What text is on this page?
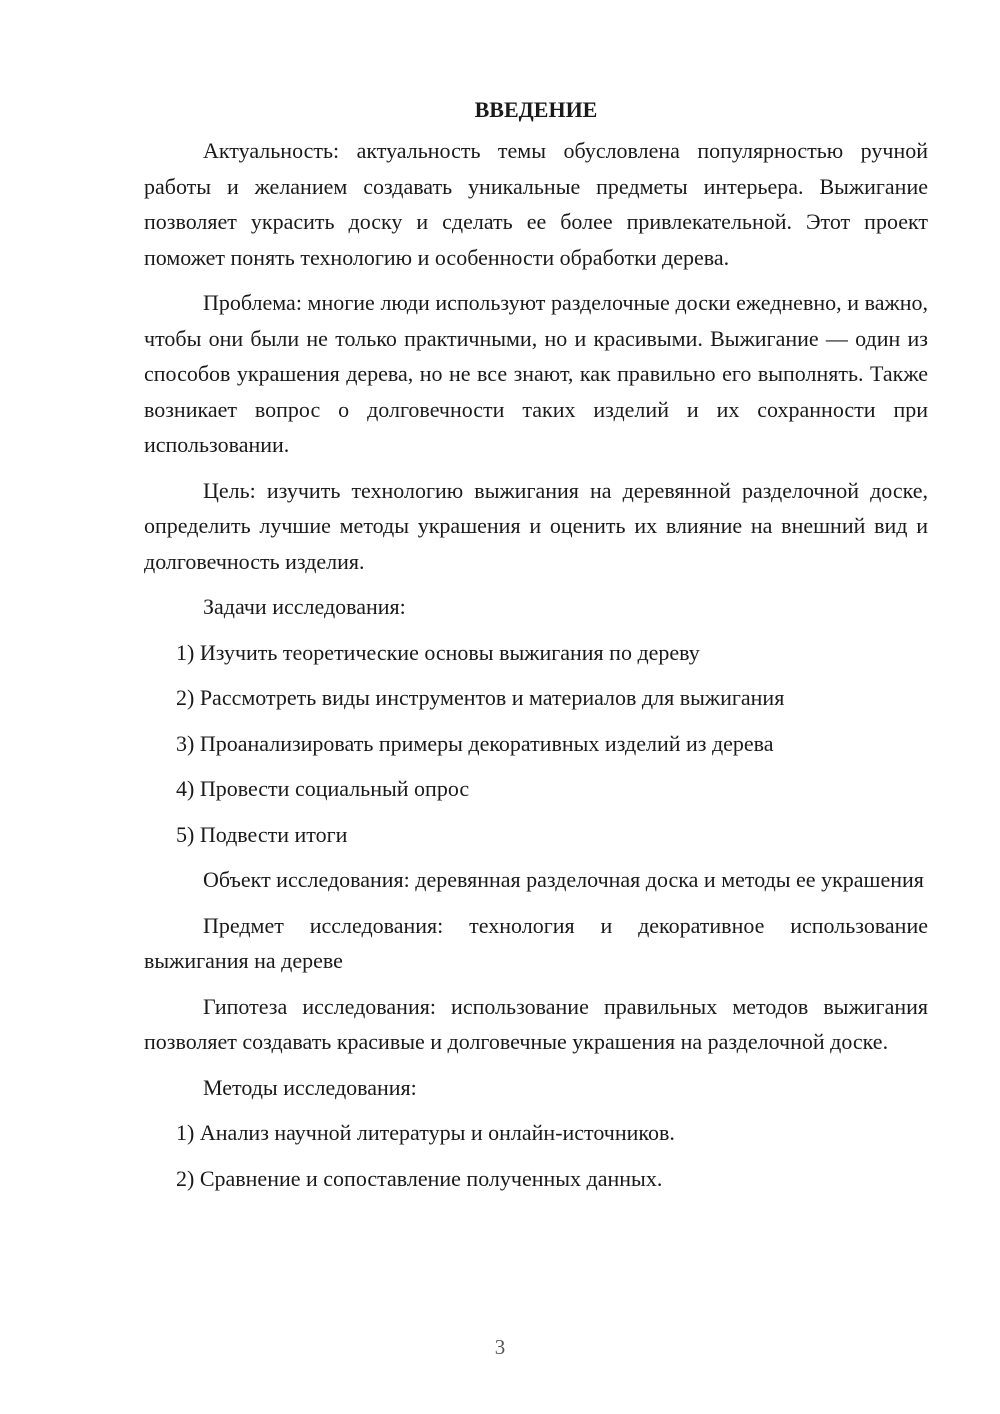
ВВЕДЕНИЕ

Актуальность: актуальность темы обусловлена популярностью ручной работы и желанием создавать уникальные предметы интерьера. Выжигание позволяет украсить доску и сделать ее более привлекательной. Этот проект поможет понять технологию и особенности обработки дерева.

Проблема: многие люди используют разделочные доски ежедневно, и важно, чтобы они были не только практичными, но и красивыми. Выжигание — один из способов украшения дерева, но не все знают, как правильно его выполнять. Также возникает вопрос о долговечности таких изделий и их сохранности при использовании.

Цель: изучить технологию выжигания на деревянной разделочной доске, определить лучшие методы украшения и оценить их влияние на внешний вид и долговечность изделия.

Задачи исследования:

1) Изучить теоретические основы выжигания по дереву
2) Рассмотреть виды инструментов и материалов для выжигания
3) Проанализировать примеры декоративных изделий из дерева
4) Провести социальный опрос
5) Подвести итоги

Объект исследования: деревянная разделочная доска и методы ее украшения

Предмет исследования: технология и декоративное использование выжигания на дереве

Гипотеза исследования: использование правильных методов выжигания позволяет создавать красивые и долговечные украшения на разделочной доске.

Методы исследования:

1) Анализ научной литературы и онлайн-источников.
2) Сравнение и сопоставление полученных данных.
3
